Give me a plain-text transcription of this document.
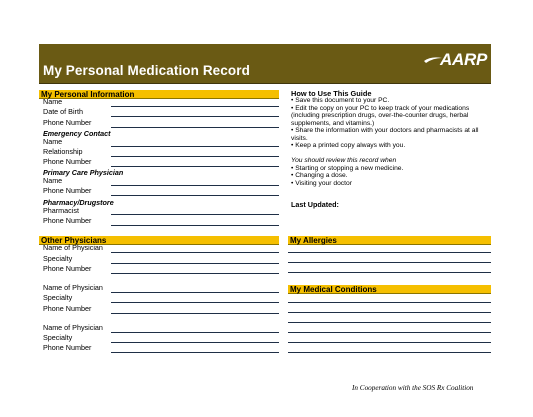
My Personal Medication Record
AARP
My Personal Information
Name
Date of Birth
Phone Number
Emergency Contact
Name
Relationship
Phone Number
Primary Care Physician
Name
Phone Number
Pharmacy/Drugstore
Pharmacist
Phone Number
Other Physicians
Name of Physician
Specialty
Phone Number
Name of Physician
Specialty
Phone Number
Name of Physician
Specialty
Phone Number
How to Use This Guide
• Save this document to your PC.
• Edit the copy on your PC to keep track of your medications
(including prescription drugs, over-the-counter drugs, herbal
supplements, and vitamins.)
• Share the information with your doctors and pharmacists at all
visits.
• Keep a printed copy always with you.
You should review this record when
• Starting or stopping a new medicine.
• Changing a dose.
• Visiting your doctor
Last Updated:
My Allergies
My Medical Conditions
In Cooperation with the SOS Rx Coalition
